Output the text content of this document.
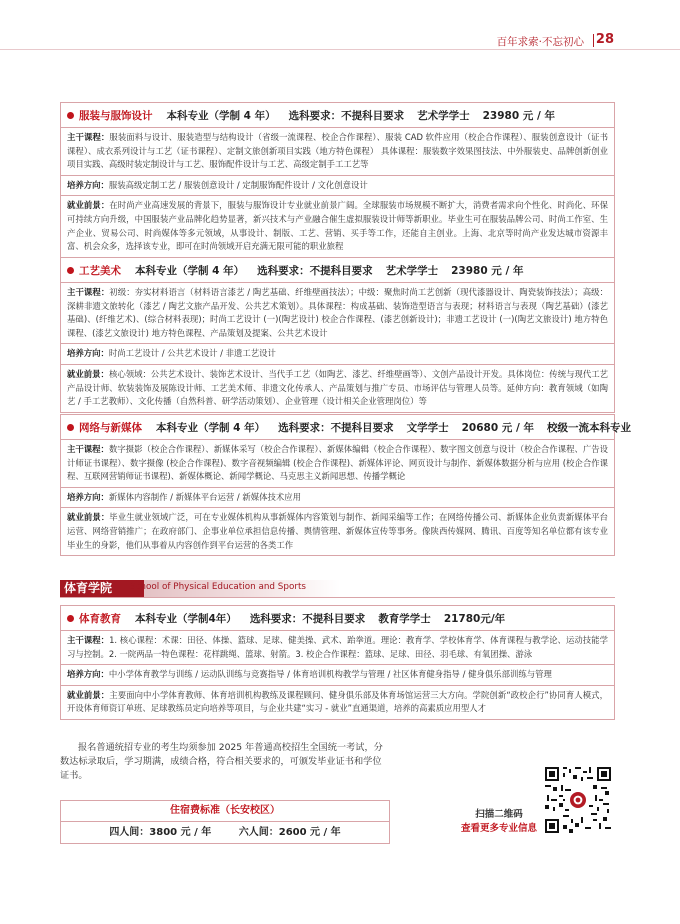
百年求索·不忘初心 28
服装与服饰设计 本科专业（学制 4 年） 选科要求：不提科目要求 艺术学学士 23980 元 / 年
主干课程：服装面料与设计、服装造型与结构设计（省级一流课程、校企合作课程）、服装 CAD 软件应用（校企合作课程）、服装创意设计（证书课程）、成衣系列设计与工艺（证书课程）、定制文旅创新项目实践（地方特色课程） 具体课程：服装数字效果图技法、中外服装史、品牌创新创业项目实践、高级时装定制设计与工艺、服饰配件设计与工艺、高级定制手工工艺等
培养方向：服装高级定制工艺 / 服装创意设计 / 定制服饰配件设计 / 文化创意设计
就业前景：在时尚产业高速发展的背景下，服装与服饰设计专业就业前景广阔。全球服装市场规模不断扩大，消费者需求向个性化、时尚化、环保可持续方向升级，中国服装产业品牌化趋势显著，新兴技术与产业融合催生虚拟服装设计师等新职业。毕业生可在服装品牌公司、时尚工作室、生产企业、贸易公司、时尚媒体等多元领域，从事设计、制版、工艺、营销、买手等工作，还能自主创业。上海、北京等时尚产业发达城市资源丰富、机会众多，选择该专业，即可在时尚领域开启充满无限可能的职业旅程
工艺美术 本科专业（学制 4 年） 选科要求：不提科目要求 艺术学学士 23980 元 / 年
主干课程：初级：夯实材料语言（材料语言漆艺 / 陶艺基础、纤维壁画技法）；中级：聚焦时尚工艺创新（现代漆器设计、陶瓷装饰技法）；高级：深耕非遗文旅转化（漆艺 / 陶艺文旅产品开发、公共艺术策划）。具体课程：构成基础、装饰造型语言与表现；材料语言与表现（陶艺基础）(漆艺基础)、(纤维艺术)、(综合材料表现)；时尚工艺设计 (一)(陶艺设计) 校企合作课程、(漆艺创新设计)；非遗工艺设计 (一)(陶艺文旅设计) 地方特色课程、(漆艺文旅设计) 地方特色课程、产品策划及提案、公共艺术设计
培养方向：时尚工艺设计 / 公共艺术设计 / 非遗工艺设计
就业前景：核心领域：公共艺术设计、装饰艺术设计、当代手工艺（如陶艺、漆艺、纤维壁画等）、文创产品设计开发。具体岗位：传统与现代工艺产品设计师、软装装饰及展陈设计师、工艺美术师、非遗文化传承人、产品策划与推广专员、市场评估与管理人员等。延伸方向：教育领域（如陶艺 / 手工艺教师）、文化传播（自然科普、研学活动策划）、企业管理（设计相关企业管理岗位）等
网络与新媒体 本科专业（学制 4 年） 选科要求：不提科目要求 文学学士 20680 元 / 年 校级一流本科专业
主干课程：数字摄影（校企合作课程）、新媒体采写（校企合作课程）、新媒体编辑（校企合作课程）、数字图文创意与设计（校企合作课程、广告设计师证书课程）、数字摄像 (校企合作课程)、数字音视频编辑 (校企合作课程)、新媒体评论、网页设计与制作、新媒体数据分析与应用 (校企合作课程、互联网营销师证书课程)、新媒体概论、新闻学概论、马克思主义新闻思想、传播学概论
培养方向：新媒体内容制作 / 新媒体平台运营 / 新媒体技术应用
就业前景：毕业生就业领域广泛，可在专业媒体机构从事新媒体内容策划与制作、新闻采编等工作；在网络传播公司、新媒体企业负责新媒体平台运营、网络营销推广；在政府部门、企事业单位承担信息传播、舆情管理、新媒体宣传等事务。像陕西传媒网、腾讯、百度等知名单位都有该专业毕业生的身影，他们从事着从内容创作到平台运营的各类工作
体育学院	School of Physical Education and Sports
体育教育 本科专业（学制4年） 选科要求：不提科目要求 教育学学士 21780元/年
主干课程：1. 核心课程：术课：田径、体操、篮球、足球、健美操、武术、跆拳道。理论：教育学、学校体育学、体育课程与教学论、运动技能学习与控制。2. 一院两品一特色课程：花样跳绳、篮球、射箭。3. 校企合作课程：篮球、足球、田径、羽毛球、有氧团操、游泳
培养方向：中小学体育教学与训练 / 运动队训练与竞赛指导 / 体育培训机构教学与管理 / 社区体育健身指导 / 健身俱乐部训练与管理
就业前景：主要面向中小学体育教师、体育培训机构教练及课程顾问、健身俱乐部及体育场馆运营三大方向。学院创新“政校企行”协同育人模式，开设体育师资订单班、足球教练员定向培养等项目，与企业共建“实习 - 就业”直通渠道，培养的高素质应用型人才
报名普通统招专业的考生均须参加 2025 年普通高校招生全国统一考试，分数达标录取后，学习期满，成绩合格，符合相关要求的，可颁发毕业证书和学位证书。
住宿费标准（长安校区）
四人间：3800 元 / 年	六人间：2600 元 / 年
扫描二维码
查看更多专业信息
